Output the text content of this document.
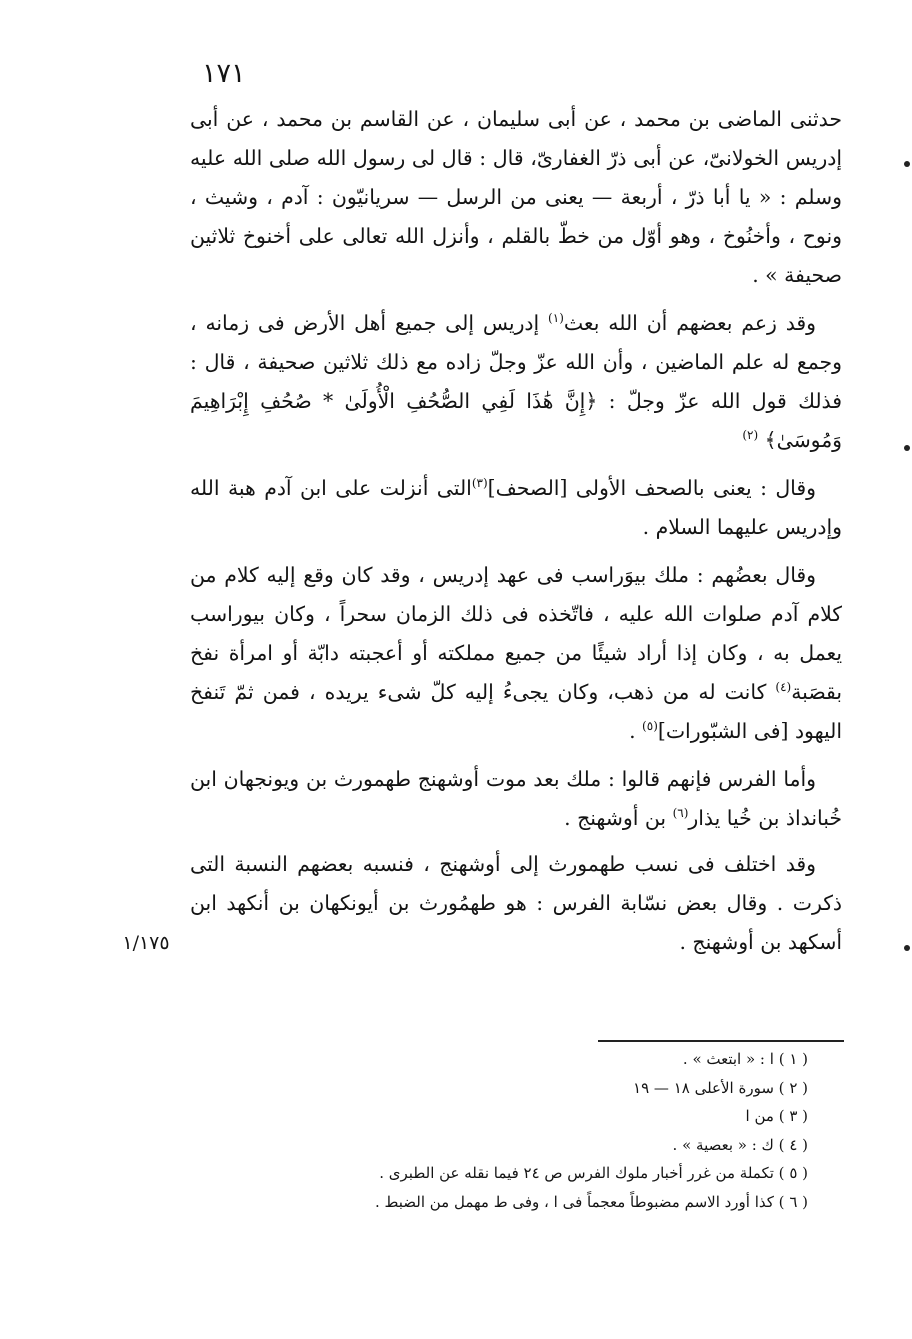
١٧١
١/١٧٥

حدثنى الماضى بن محمد ، عن أبى سليمان ، عن القاسم بن محمد ، عن أبى إدريس الخولانىّ، عن أبى ذرّ الغفارىّ، قال : قال لى رسول الله صلى الله عليه وسلم : « يا أبا ذرّ ، أربعة — يعنى من الرسل — سريانيّون : آدم ، وشيث ، ونوح ، وأخنُوخ ، وهو أوّل من خطّ بالقلم ، وأنزل الله تعالى على أخنوخ ثلاثين صحيفة » .

وقد زعم بعضهم أن الله بعث$^{(١)}$ إدريس إلى جميع أهل الأرض فى زمانه ، وجمع له علم الماضين ، وأن الله عزّ وجلّ زاده مع ذلك ثلاثين صحيفة ، قال : فذلك قول الله عزّ وجلّ : ﴿إِنَّ هَٰذَا لَفِي الصُّحُفِ الْأُولَىٰ * صُحُفِ إِبْرَاهِيمَ وَمُوسَىٰ﴾ $^{(٢)}$

وقال : يعنى بالصحف الأولى [الصحف]$^{(٣)}$التى أنزلت على ابن آدم هبة الله وإدريس عليهما السلام .

وقال بعضُهم : ملك بيوَراسب فى عهد إدريس ، وقد كان وقع إليه كلام من كلام آدم صلوات الله عليه ، فاتّخذه فى ذلك الزمان سحراً ، وكان بيوراسب يعمل به ، وكان إذا أراد شيئًا من جميع مملكته أو أعجبته دابّة أو امرأة نفخ بقصَبة$^{(٤)}$ كانت له من ذهب، وكان يجىءُ إليه كلّ شىء يريده ، فمن ثمّ تَنفخ اليهود [فى الشبّورات]$^{(٥)}$ .

وأما الفرس فإنهم قالوا : ملك بعد موت أوشهنج طهمورث بن ويونجهان ابن خُبانداذ بن خُيا يذار$^{(٦)}$ بن أوشهنج .

وقد اختلف فى نسب طهمورث إلى أوشهنج ، فنسبه بعضهم النسبة التى ذكرت . وقال بعض نسّابة الفرس : هو طهمُورث بن أيونكهان بن أنكهد ابن أسكهد بن أوشهنج .

( ١ ) ا : « ابتعث » .
( ٢ ) سورة الأعلى ١٨ — ١٩
( ٣ ) من ا
( ٤ ) ك : « بعصية » .
( ٥ ) تكملة من غرر أخبار ملوك الفرس ص ٢٤ فيما نقله عن الطبرى .
( ٦ ) كذا أورد الاسم مضبوطاً معجماً فى ا ، وفى ط مهمل من الضبط .
